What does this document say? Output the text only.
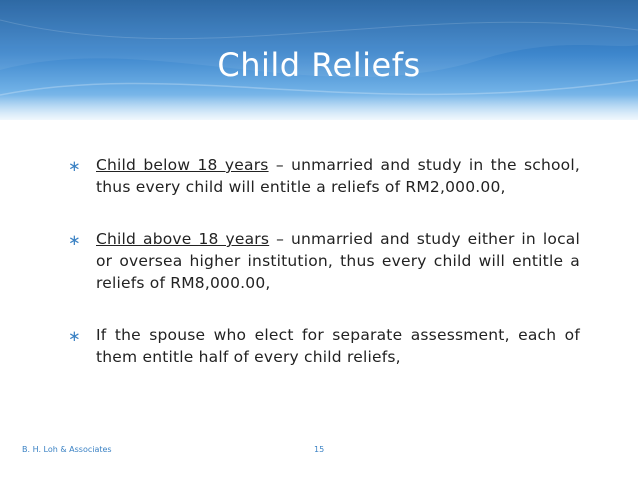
Child Reliefs
∗ Child below 18 years – unmarried and study in the school, thus every child will entitle a reliefs of RM2,000.00,
∗ Child above 18 years – unmarried and study either in local or oversea higher institution, thus every child will entitle a reliefs of RM8,000.00,
∗ If the spouse who elect for separate assessment, each of them entitle half of every child reliefs,
B. H. Loh & Associates	15
